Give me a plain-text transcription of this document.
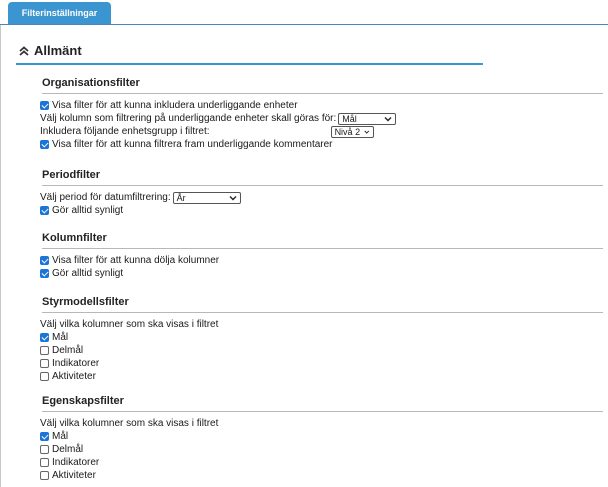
Filterinställningar
Allmänt
Organisationsfilter
Visa filter för att kunna inkludera underliggande enheter
Välj kolumn som filtrering på underliggande enheter skall göras för: Mål
Inkludera följande enhetsgrupp i filtret:	Nivå 2
Visa filter för att kunna filtrera fram underliggande kommentarer
Periodfilter
Välj period för datumfiltrering: År
Gör alltid synligt
Kolumnfilter
Visa filter för att kunna dölja kolumner
Gör alltid synligt
Styrmodellsfilter
Välj vilka kolumner som ska visas i filtret
Mål
Delmål
Indikatorer
Aktiviteter
Egenskapsfilter
Välj vilka kolumner som ska visas i filtret
Mål
Delmål
Indikatorer
Aktiviteter
